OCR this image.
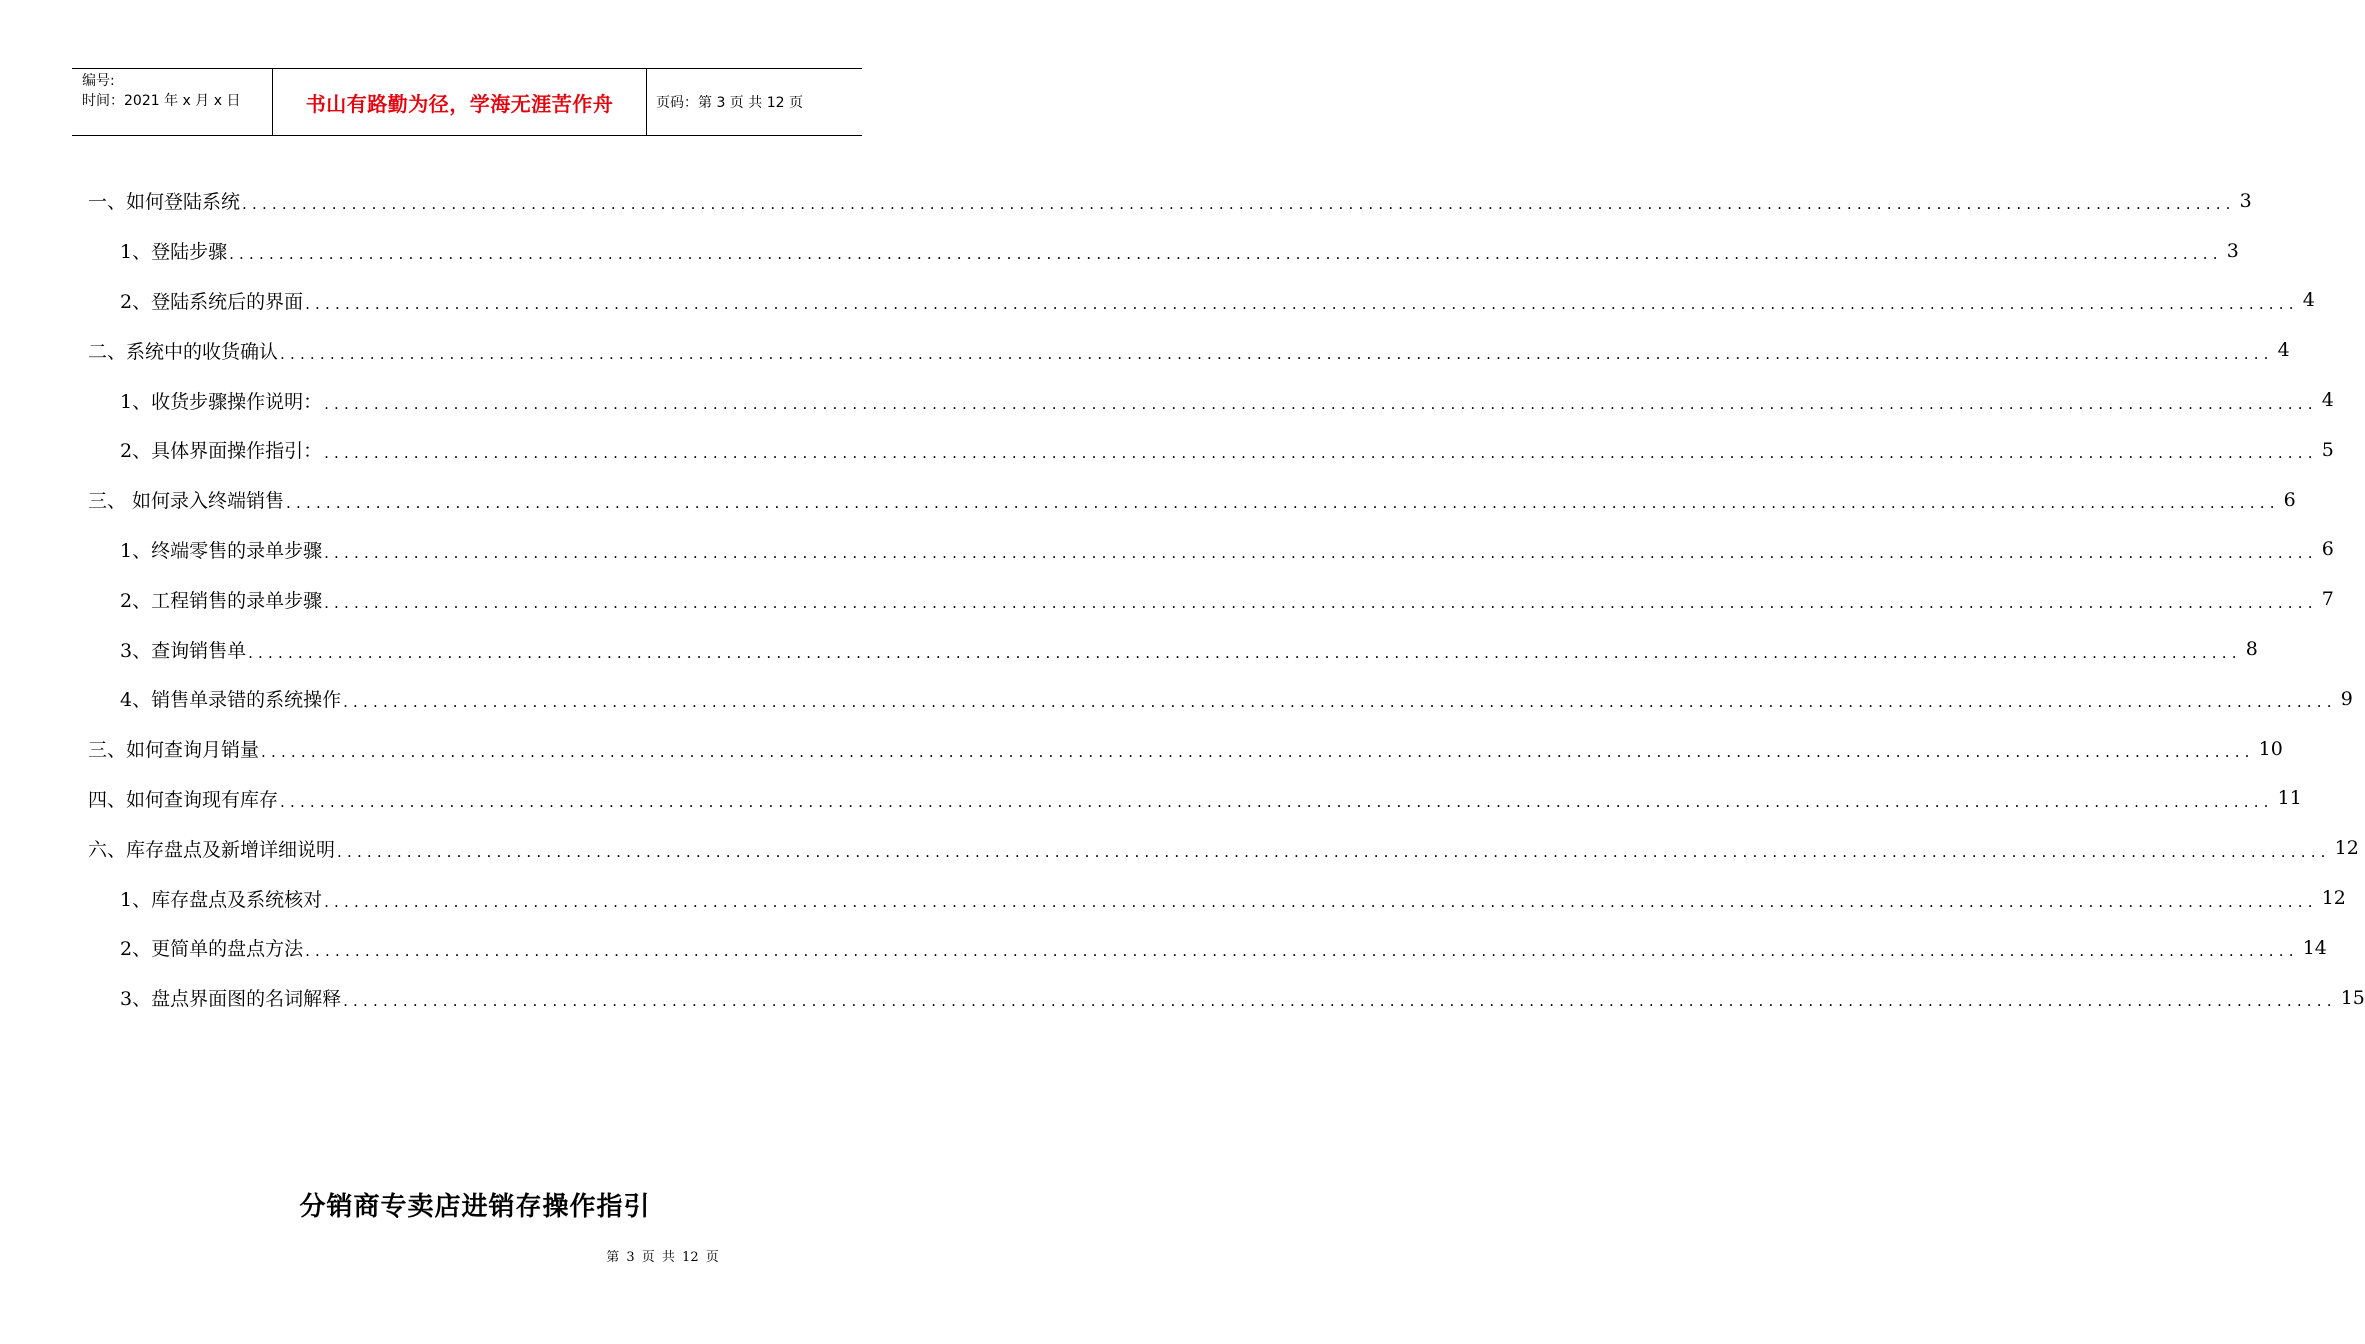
编号:
时间：2021 年 x 月 x 日	书山有路勤为径，学海无涯苦作舟	页码：第 3 页 共 12 页
一、如何登陆系统 ........................................................................................................................................................................................................ 3
1、登陆步骤 ........................................................................................................................................................................................................ 3
2、登陆系统后的界面 ........................................................................................................................................................................................................ 4
二、系统中的收货确认 ........................................................................................................................................................................................................ 4
1、收货步骤操作说明： ........................................................................................................................................................................................................ 4
2、具体界面操作指引： ........................................................................................................................................................................................................ 5
三、 如何录入终端销售 ........................................................................................................................................................................................................ 6
1、终端零售的录单步骤 ........................................................................................................................................................................................................ 6
2、工程销售的录单步骤 ........................................................................................................................................................................................................ 7
3、查询销售单 ........................................................................................................................................................................................................ 8
4、销售单录错的系统操作 ........................................................................................................................................................................................................ 9
三、如何查询月销量 ........................................................................................................................................................................................................ 10
四、如何查询现有库存 ........................................................................................................................................................................................................ 11
六、库存盘点及新增详细说明 ........................................................................................................................................................................................................ 12
1、库存盘点及系统核对 ........................................................................................................................................................................................................ 12
2、更简单的盘点方法 ........................................................................................................................................................................................................ 14
3、盘点界面图的名词解释 ........................................................................................................................................................................................................ 15
分销商专卖店进销存操作指引
第 3 页 共 12 页
